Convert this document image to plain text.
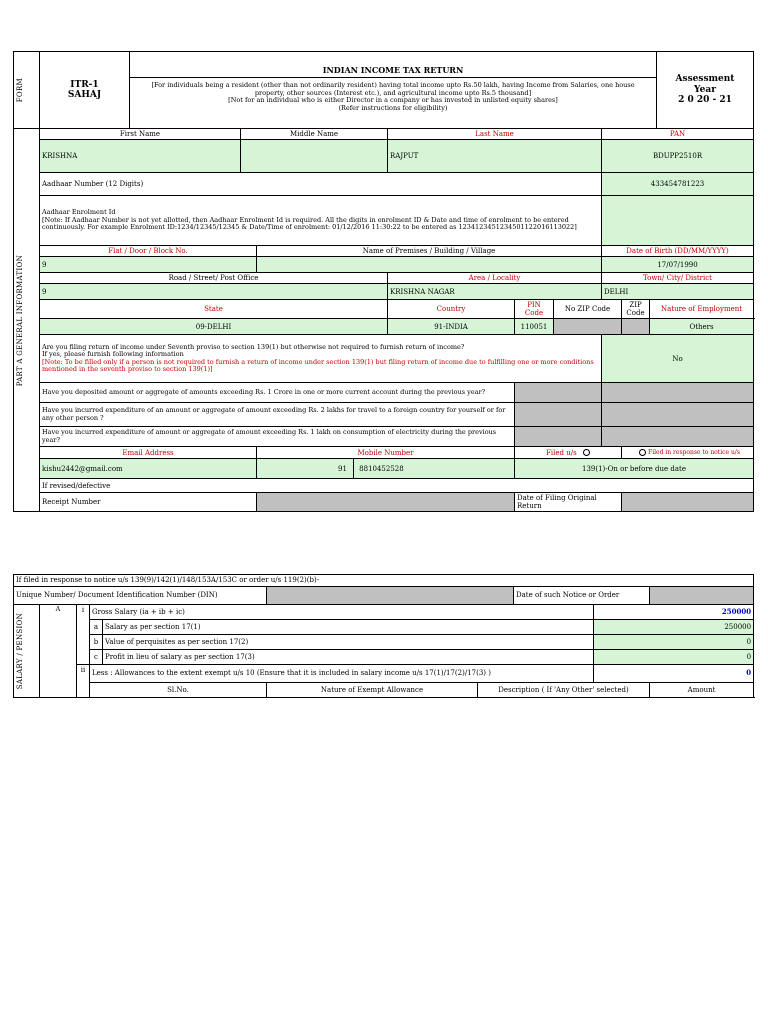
FORM	ITR-1
SAHAJ

INDIAN INCOME TAX RETURN
[For individuals being a resident (other than not ordinarily resident) having total income upto Rs.50 lakh, having Income from Salaries, one house property, other sources (Interest etc.), and agricultural income upto Rs.5 thousand]
[Not for an individual who is either Director in a company or has invested in unlisted equity shares]
(Refer instructions for eligibility)

Assessment
Year
2 0 20 - 21
PART A GENERAL INFORMATION	First Name	Middle Name			Last Name			PAN		
	KRISHNA				RAJPUT			BDUPP2510R		
	Aadhaar Number (12 Digits)							433454781223		

	Aadhaar Enrolment Id
[Note: If Aadhaar Number is not yet allotted, then Aadhaar Enrolment Id is required. All the digits in enrolment ID & Date and time of enrolment to be entered continuously. For example Enrolment ID:1234/12345/12345 & Date/Time of enrolment: 01/12/2016 11:30:22 to be entered as 1234123451234501122016113022]									

	Flat / Door / Block No.		Name of Premises / Building / Village					Date of Birth (DD/MM/YYYY)		
	9							17/07/1990		
	Road / Street/ Post Office				Area / Locality			Town/ City/ District		
	9				KRISHNA NAGAR			DELHI		
	State				Country	PIN Code	No ZIP Code		ZIP Code	Nature of Employment
	09-DELHI				91-INDIA	110051				Others

	Are you filing return of income under Seventh proviso to section 139(1) but otherwise not required to furnish return of income?
If yes, please furnish following information
[Note: To be filled only if a person is not required to furnish a return of income under section 139(1) but filing return of income due to fulfilling one or more conditions mentioned in the seventh proviso to section 139(1)]							No		
	Have you deposited amount or aggregate of amounts exceeding Rs. 1 Crore in one or more current account during the previous year?									
	Have you incurred expenditure of an amount or aggregate of amount exceeding Rs. 2 lakhs for travel to a foreign country for yourself or for any other person ?									
	Have you incurred expenditure of amount or aggregate of amount exceeding Rs. 1 lakh on consumption of electricity during the previous year?									
	Email Address		Mobile Number			Filed u/s			Filed in response to notice u/s	
	kishu2442@gmail.com			91 8810452528		139(1)-On or before due date				
	If revised/defective									
	Receipt Number					Date of Filing Original Return				
If filed in response to notice u/s 139(9)/142(1)/148/153A/153C or order u/s 119(2)(b)-									
Unique Number/ Document Identification Number (DIN)							Date of such Notice or Order		

SALARY / PENSION	A	i	Gross Salary (ia + ib + ic)					250000	
			a	Salary as per section 17(1)				250000	
			b	Value of perquisites as per section 17(2)				0	
			c	Profit in lieu of salary as per section 17(3)				0	
		ii	Less : Allowances to the extent exempt u/s 10 (Ensure that it is included in salary income u/s 17(1)/17(2)/17(3) )					0	
			Sl.No.		Nature of Exempt Allowance	Description ( If 'Any Other' selected)			Amount
